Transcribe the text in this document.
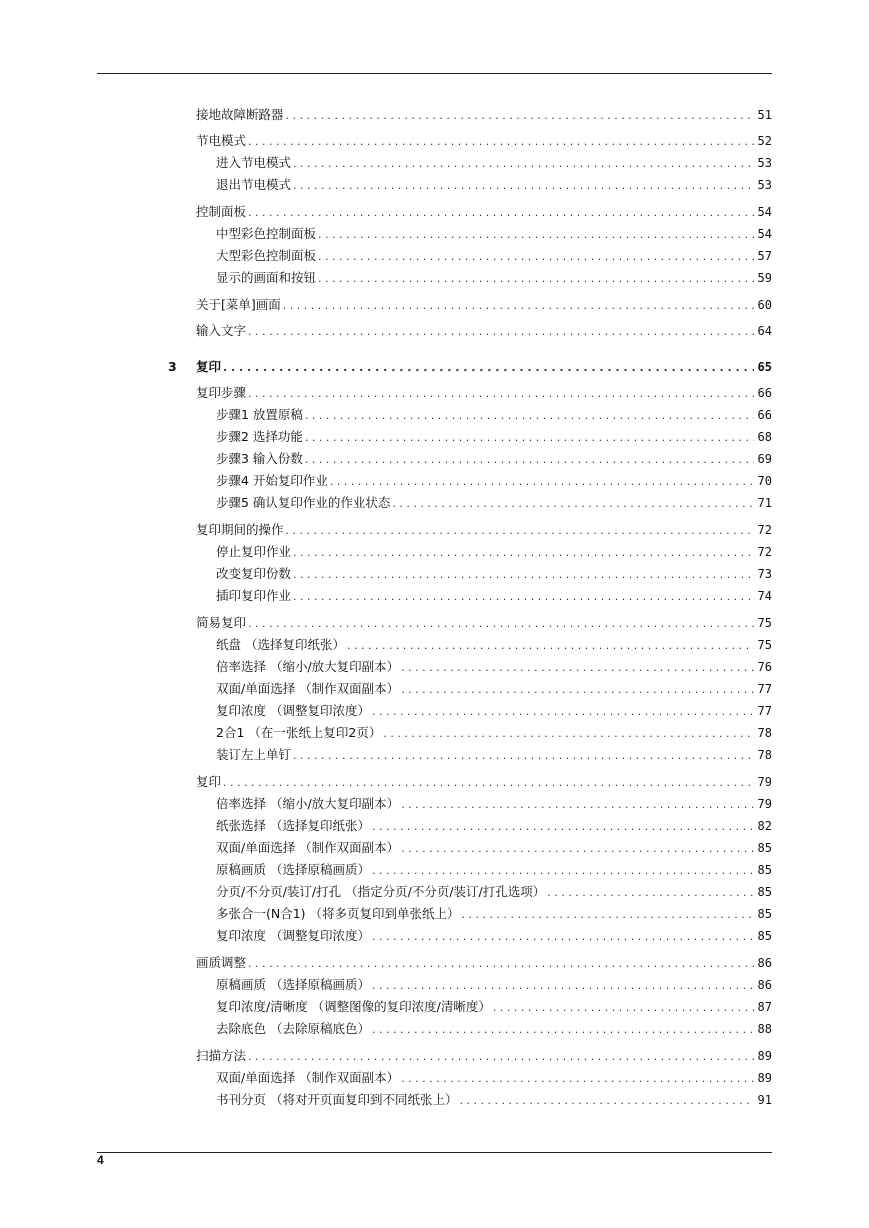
接地故障断路器 . . .	51
节电模式 . . .	52
进入节电模式 . . .	53
退出节电模式 . . .	53
控制面板 . . .	54
中型彩色控制面板 . . .	54
大型彩色控制面板 . . .	57
显示的画面和按钮 . . .	59
关于[菜单]画面 . . .	60
输入文字 . . .	64
3	复印 . . .	65
复印步骤 . . .	66
步骤1 放置原稿 . . .	66
步骤2 选择功能 . . .	68
步骤3 输入份数 . . .	69
步骤4 开始复印作业 . . .	70
步骤5 确认复印作业的作业状态 . . .	71
复印期间的操作 . . .	72
停止复印作业 . . .	72
改变复印份数 . . .	73
插印复印作业 . . .	74
简易复印 . . .	75
纸盘 （选择复印纸张） . . .	75
倍率选择 （缩小/放大复印副本） . . .	76
双面/单面选择 （制作双面副本） . . .	77
复印浓度 （调整复印浓度） . . .	77
2合1 （在一张纸上复印2页） . . .	78
装订左上单钉 . . .	78
复印 . . .	79
倍率选择 （缩小/放大复印副本） . . .	79
纸张选择 （选择复印纸张） . . .	82
双面/单面选择 （制作双面副本） . . .	85
原稿画质 （选择原稿画质） . . .	85
分页/不分页/装订/打孔 （指定分页/不分页/装订/打孔选项） . . .	85
多张合一(N合1) （将多页复印到单张纸上） . . .	85
复印浓度 （调整复印浓度） . . .	85
画质调整 . . .	86
原稿画质 （选择原稿画质） . . .	86
复印浓度/清晰度 （调整图像的复印浓度/清晰度） . . .	87
去除底色 （去除原稿底色） . . .	88
扫描方法 . . .	89
双面/单面选择 （制作双面副本） . . .	89
书刊分页 （将对开页面复印到不同纸张上） . . .	91
4
